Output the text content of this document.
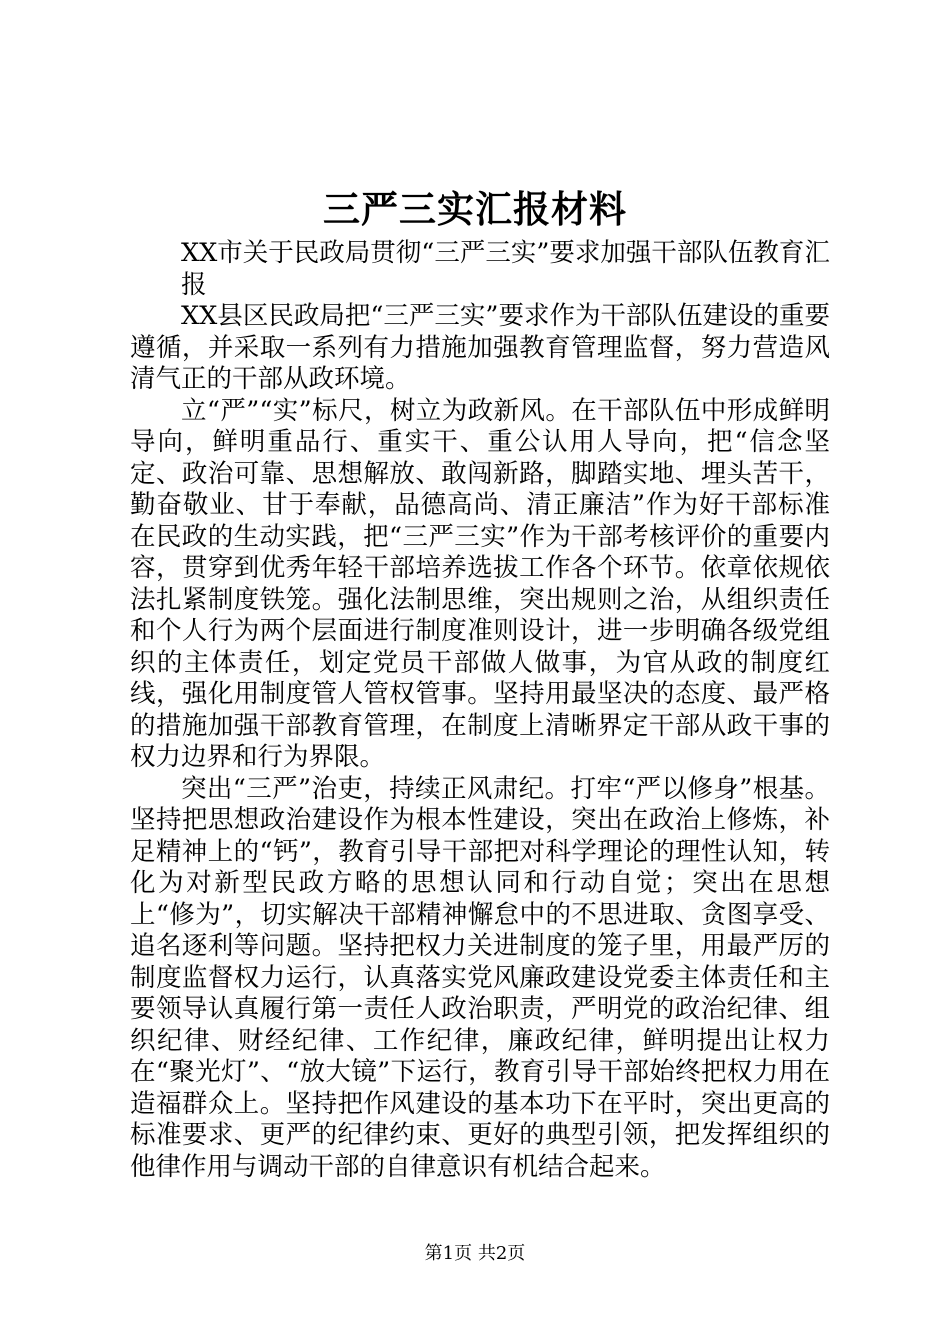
三严三实汇报材料

XX市关于民政局贯彻“三严三实”要求加强干部队伍教育汇

报

XX县区民政局把“三严三实”要求作为干部队伍建设的重要遵循，并采取一系列有力措施加强教育管理监督，努力营造风清气正的干部从政环境。

立“严”“实”标尺，树立为政新风。在干部队伍中形成鲜明导向，鲜明重品行、重实干、重公认用人导向，把“信念坚定、政治可靠、思想解放、敢闯新路，脚踏实地、埋头苦干，勤奋敬业、甘于奉献，品德高尚、清正廉洁”作为好干部标准在民政的生动实践，把“三严三实”作为干部考核评价的重要内容，贯穿到优秀年轻干部培养选拔工作各个环节。依章依规依法扎紧制度铁笼。强化法制思维，突出规则之治，从组织责任和个人行为两个层面进行制度准则设计，进一步明确各级党组织的主体责任，划定党员干部做人做事，为官从政的制度红线，强化用制度管人管权管事。坚持用最坚决的态度、最严格的措施加强干部教育管理，在制度上清晰界定干部从政干事的权力边界和行为界限。

突出“三严”治吏，持续正风肃纪。打牢“严以修身”根基。坚持把思想政治建设作为根本性建设，突出在政治上修炼，补足精神上的“钙”，教育引导干部把对科学理论的理性认知，转化为对新型民政方略的思想认同和行动自觉；突出在思想上“修为”，切实解决干部精神懈怠中的不思进取、贪图享受、追名逐利等问题。坚持把权力关进制度的笼子里，用最严厉的制度监督权力运行，认真落实党风廉政建设党委主体责任和主要领导认真履行第一责任人政治职责，严明党的政治纪律、组织纪律、财经纪律、工作纪律，廉政纪律，鲜明提出让权力在“聚光灯”、“放大镜”下运行，教育引导干部始终把权力用在造福群众上。坚持把作风建设的基本功下在平时，突出更高的标准要求、更严的纪律约束、更好的典型引领，把发挥组织的他律作用与调动干部的自律意识有机结合起来。

第1页 共2页
